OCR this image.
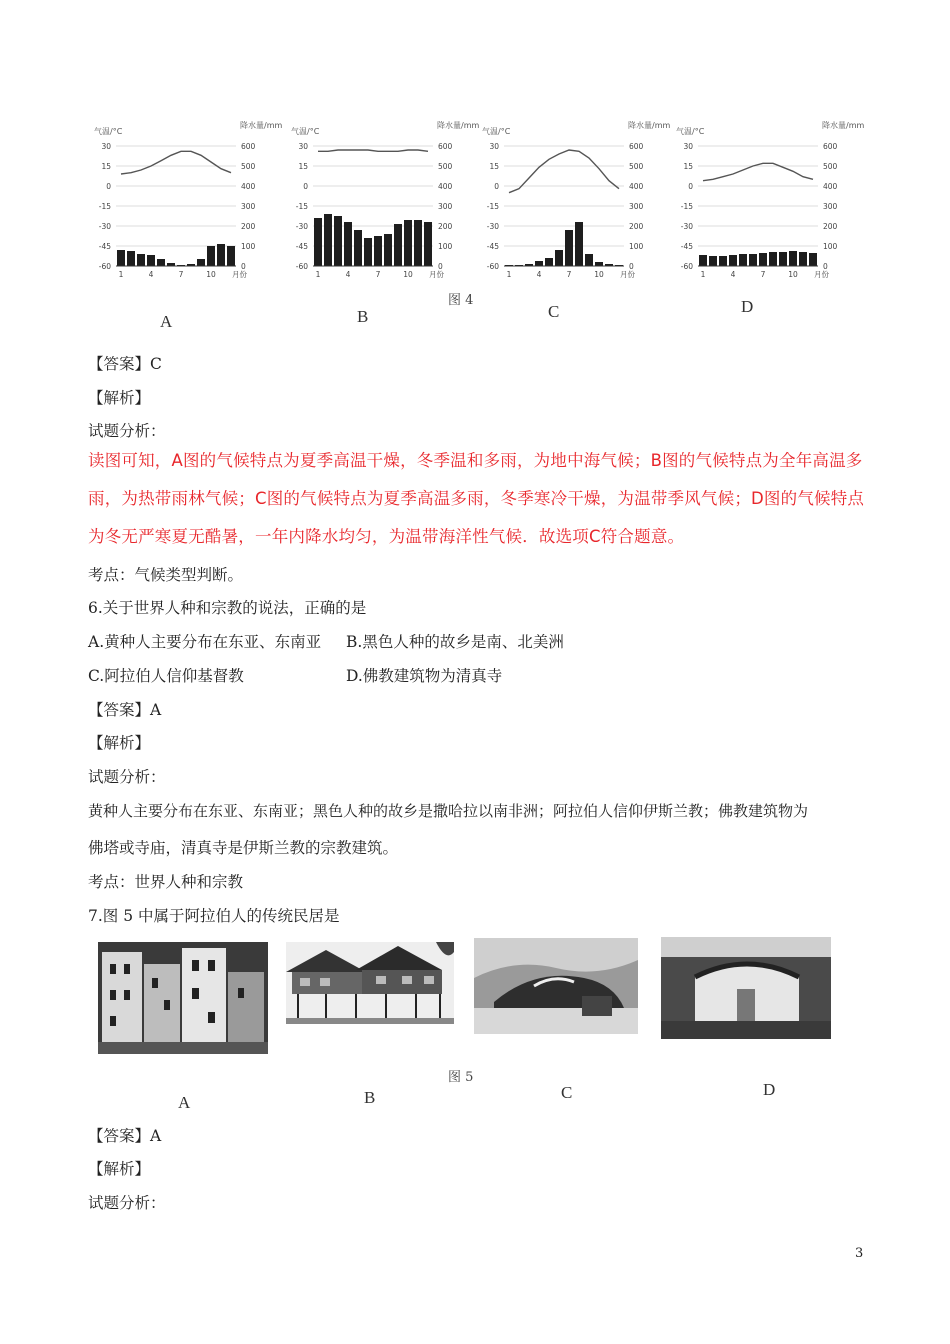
气温/°C
降水量/mm
30
15
0
-15
-30
-45
-60
600
500
400
300
200
100
0
1	4	7	10 月份
气温/°C
降水量/mm
30
15
0
-15
-30
-45
-60
600
500
400
300
200
100
0
1	4	7	10 月份
气温/°C
降水量/mm
30
15
0
-15
-30
-45
-60
600
500
400
300
200
100
0
1	4	7	10 月份
气温/°C
降水量/mm
30
15
0
-15
-30
-45
-60
600
500
400
300
200
100
0
1	4	7	10 月份
A	B
图 4
C	D
【答案】C
【解析】
试题分析：
读图可知，A图的气候特点为夏季高温干燥，冬季温和多雨，为地中海气候；B图的气候特点为全年高温多
雨，为热带雨林气候；C图的气候特点为夏季高温多雨，冬季寒冷干燥，为温带季风气候；D图的气候特点
为冬无严寒夏无酷暑，一年内降水均匀，为温带海洋性气候．故选项C符合题意。
考点：气候类型判断。
6.关于世界人种和宗教的说法，正确的是
A.黄种人主要分布在东亚、东南亚 B.黑色人种的故乡是南、北美洲
C.阿拉伯人信仰基督教	D.佛教建筑物为清真寺
【答案】A
【解析】
试题分析：
黄种人主要分布在东亚、东南亚；黑色人种的故乡是撒哈拉以南非洲；阿拉伯人信仰伊斯兰教；佛教建筑物为
佛塔或寺庙，清真寺是伊斯兰教的宗教建筑。
考点：世界人种和宗教
7.图 5 中属于阿拉伯人的传统民居是
图 5
A	B	C	D
【答案】A
【解析】
试题分析：
3
